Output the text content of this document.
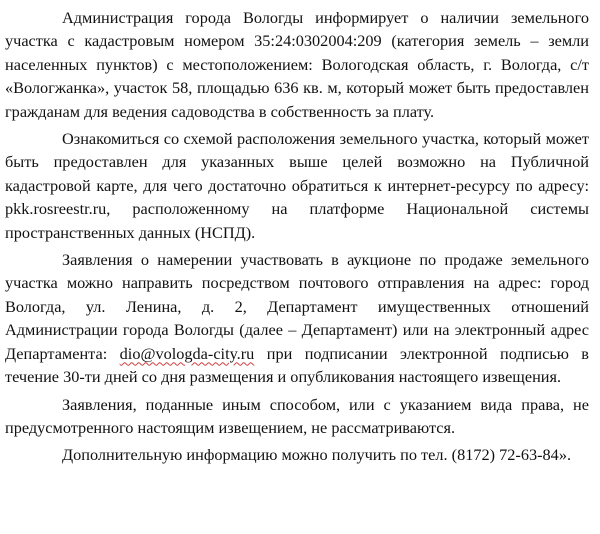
Администрация города Вологды информирует о наличии земельного участка с кадастровым номером 35:24:0302004:209 (категория земель – земли населенных пунктов) с местоположением: Вологодская область, г. Вологда, с/т «Вологжанка», участок 58, площадью 636 кв. м, который может быть предоставлен гражданам для ведения садоводства в собственность за плату.

Ознакомиться со схемой расположения земельного участка, который может быть предоставлен для указанных выше целей возможно на Публичной кадастровой карте, для чего достаточно обратиться к интернет-ресурсу по адресу: pkk.rosreestr.ru, расположенному на платформе Национальной системы пространственных данных (НСПД).

Заявления о намерении участвовать в аукционе по продаже земельного участка можно направить посредством почтового отправления на адрес: город Вологда, ул. Ленина, д. 2, Департамент имущественных отношений Администрации города Вологды (далее – Департамент) или на электронный адрес Департамента: dio@vologda-city.ru при подписании электронной подписью в течение 30-ти дней со дня размещения и опубликования настоящего извещения.

Заявления, поданные иным способом, или с указанием вида права, не предусмотренного настоящим извещением, не рассматриваются.

Дополнительную информацию можно получить по тел. (8172) 72-63-84».
